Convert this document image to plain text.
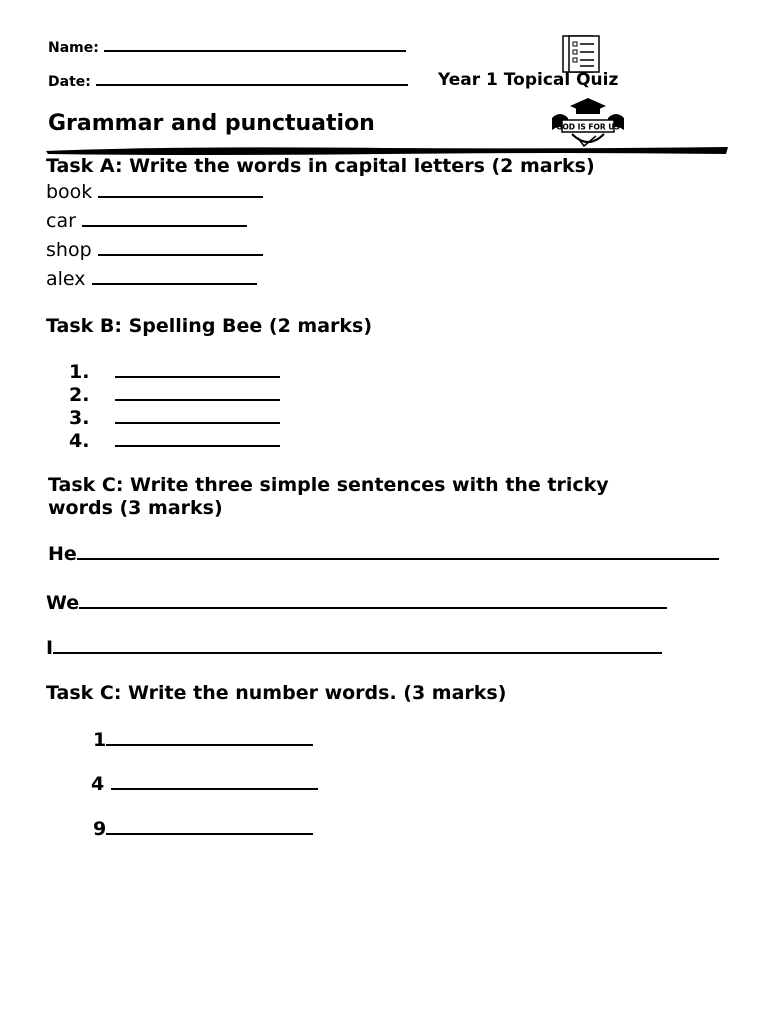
Name:
Date:	Year 1 Topical Quiz
GOD IS FOR US
Grammar and punctuation
Task A: Write the words in capital letters (2 marks)
book
car
shop
alex
Task B: Spelling Bee (2 marks)
1.
2.
3.
4.
Task C: Write three simple sentences with the tricky
words (3 marks)
He
We
I
Task C: Write the number words. (3 marks)
1
4
9
